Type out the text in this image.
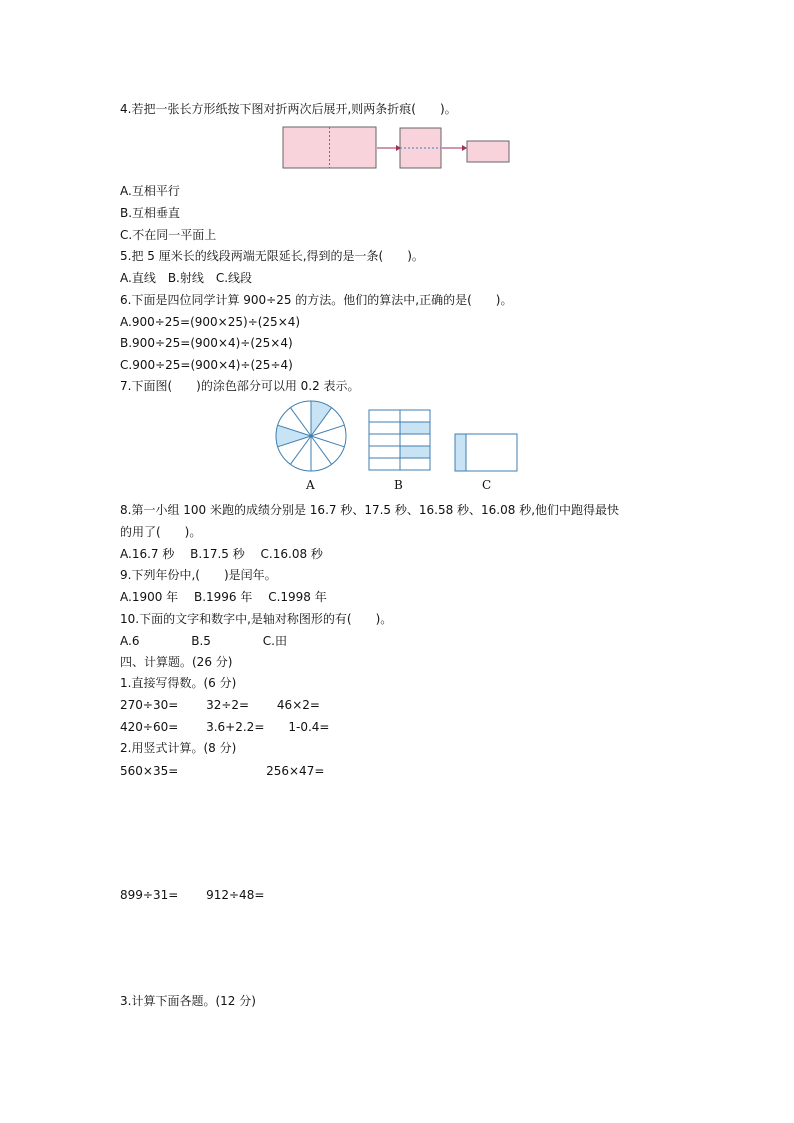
4.若把一张长方形纸按下图对折两次后展开,则两条折痕(　　)。
A.互相平行
B.互相垂直
C.不在同一平面上
5.把 5 厘米长的线段两端无限延长,得到的是一条(　　)。
A.直线　B.射线　C.线段
6.下面是四位同学计算 900÷25 的方法。他们的算法中,正确的是(　　)。
A.900÷25=(900×25)÷(25×4)
B.900÷25=(900×4)÷(25×4)
C.900÷25=(900×4)÷(25÷4)
7.下面图(　　)的涂色部分可以用 0.2 表示。
A	B	C
8.第一小组 100 米跑的成绩分别是 16.7 秒、17.5 秒、16.58 秒、16.08 秒,他们中跑得最快
的用了(　　)。
A.16.7 秒　 B.17.5 秒　 C.16.08 秒
9.下列年份中,(　　)是闰年。
A.1900 年　 B.1996 年　 C.1998 年
10.下面的文字和数字中,是轴对称图形的有(　　)。
A.6　　　　 B.5　　　　 C.田
四、计算题。(26 分)
1.直接写得数。(6 分)
270÷30=　　 32÷2=　　 46×2=
420÷60=　　 3.6+2.2=　　1-0.4=
2.用竖式计算。(8 分)
560×35=　　　　　　　 256×47=
899÷31=　　 912÷48=
3.计算下面各题。(12 分)
